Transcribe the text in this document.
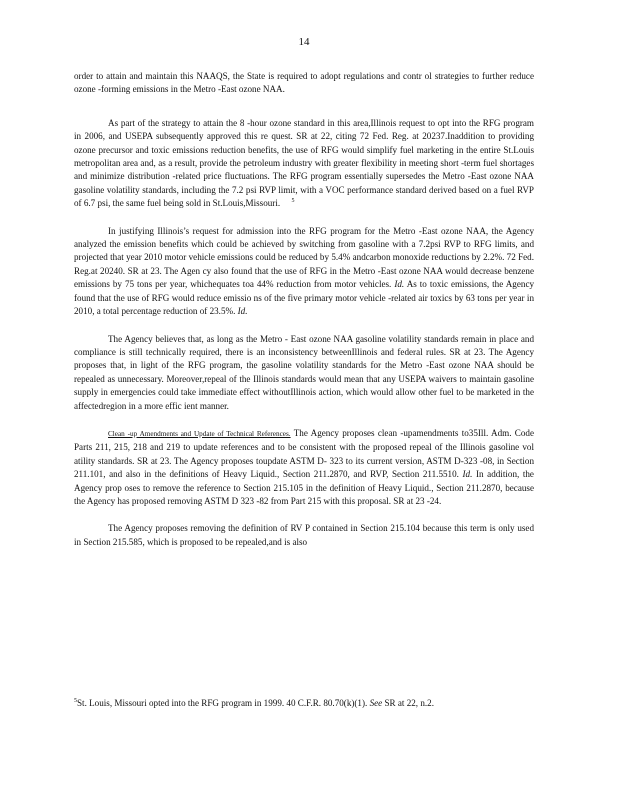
14

order to attain and maintain this NAAQS, the State is required to adopt regulations and contr ol strategies to further reduce ozone -forming emissions in the Metro -East ozone NAA.

As part of the strategy to attain the 8 -hour ozone standard in this area,Illinois request to opt into the RFG program in 2006, and USEPA subsequently approved this re quest. SR at 22, citing 72 Fed. Reg. at 20237.Inaddition to providing ozone precursor and toxic emissions reduction benefits, the use of RFG would simplify fuel marketing in the entire St.Louis metropolitan area and, as a result, provide the petroleum industry with greater flexibility in meeting short -term fuel shortages and minimize distribution -related price fluctuations. The RFG program essentially supersedes the Metro -East ozone NAA gasoline volatility standards, including the 7.2 psi RVP limit, with a VOC performance standard derived based on a fuel RVP of 6.7 psi, the same fuel being sold in St.Louis,Missouri. $^5$

In justifying Illinois’s request for admission into the RFG program for the Metro -East ozone NAA, the Agency analyzed the emission benefits which could be achieved by switching from gasoline with a 7.2psi RVP to RFG limits, and projected that year 2010 motor vehicle emissions could be reduced by 5.4% andcarbon monoxide reductions by 2.2%. 72 Fed. Reg.at 20240. SR at 23. The Agen cy also found that the use of RFG in the Metro -East ozone NAA would decrease benzene emissions by 75 tons per year, whichequates toa 44% reduction from motor vehicles. Id. As to toxic emissions, the Agency found that the use of RFG would reduce emissio ns of the five primary motor vehicle -related air toxics by 63 tons per year in 2010, a total percentage reduction of 23.5%. Id.

The Agency believes that, as long as the Metro - East ozone NAA gasoline volatility standards remain in place and compliance is still technically required, there is an inconsistency betweenIllinois and federal rules. SR at 23. The Agency proposes that, in light of the RFG program, the gasoline volatility standards for the Metro -East ozone NAA should be repealed as unnecessary. Moreover,repeal of the Illinois standards would mean that any USEPA waivers to maintain gasoline supply in emergencies could take immediate effect withoutIllinois action, which would allow other fuel to be marketed in the affectedregion in a more effic ient manner.

Clean -up Amendments and Update of Technical References. The Agency proposes clean -upamendments to35Ill. Adm. Code Parts 211, 215, 218 and 219 to update references and to be consistent with the proposed repeal of the Illinois gasoline vol atility standards. SR at 23. The Agency proposes toupdate ASTM D- 323 to its current version, ASTM D-323 -08, in Section 211.101, and also in the definitions of Heavy Liquid., Section 211.2870, and RVP, Section 211.5510. Id. In addition, the Agency prop oses to remove the reference to Section 215.105 in the definition of Heavy Liquid., Section 211.2870, because the Agency has proposed removing ASTM D 323 -82 from Part 215 with this proposal. SR at 23 -24.

The Agency proposes removing the definition of RV P contained in Section 215.104 because this term is only used in Section 215.585, which is proposed to be repealed,and is also

$^5$St. Louis, Missouri opted into the RFG program in 1999. 40 C.F.R. 80.70(k)(1). See SR at 22, n.2.
